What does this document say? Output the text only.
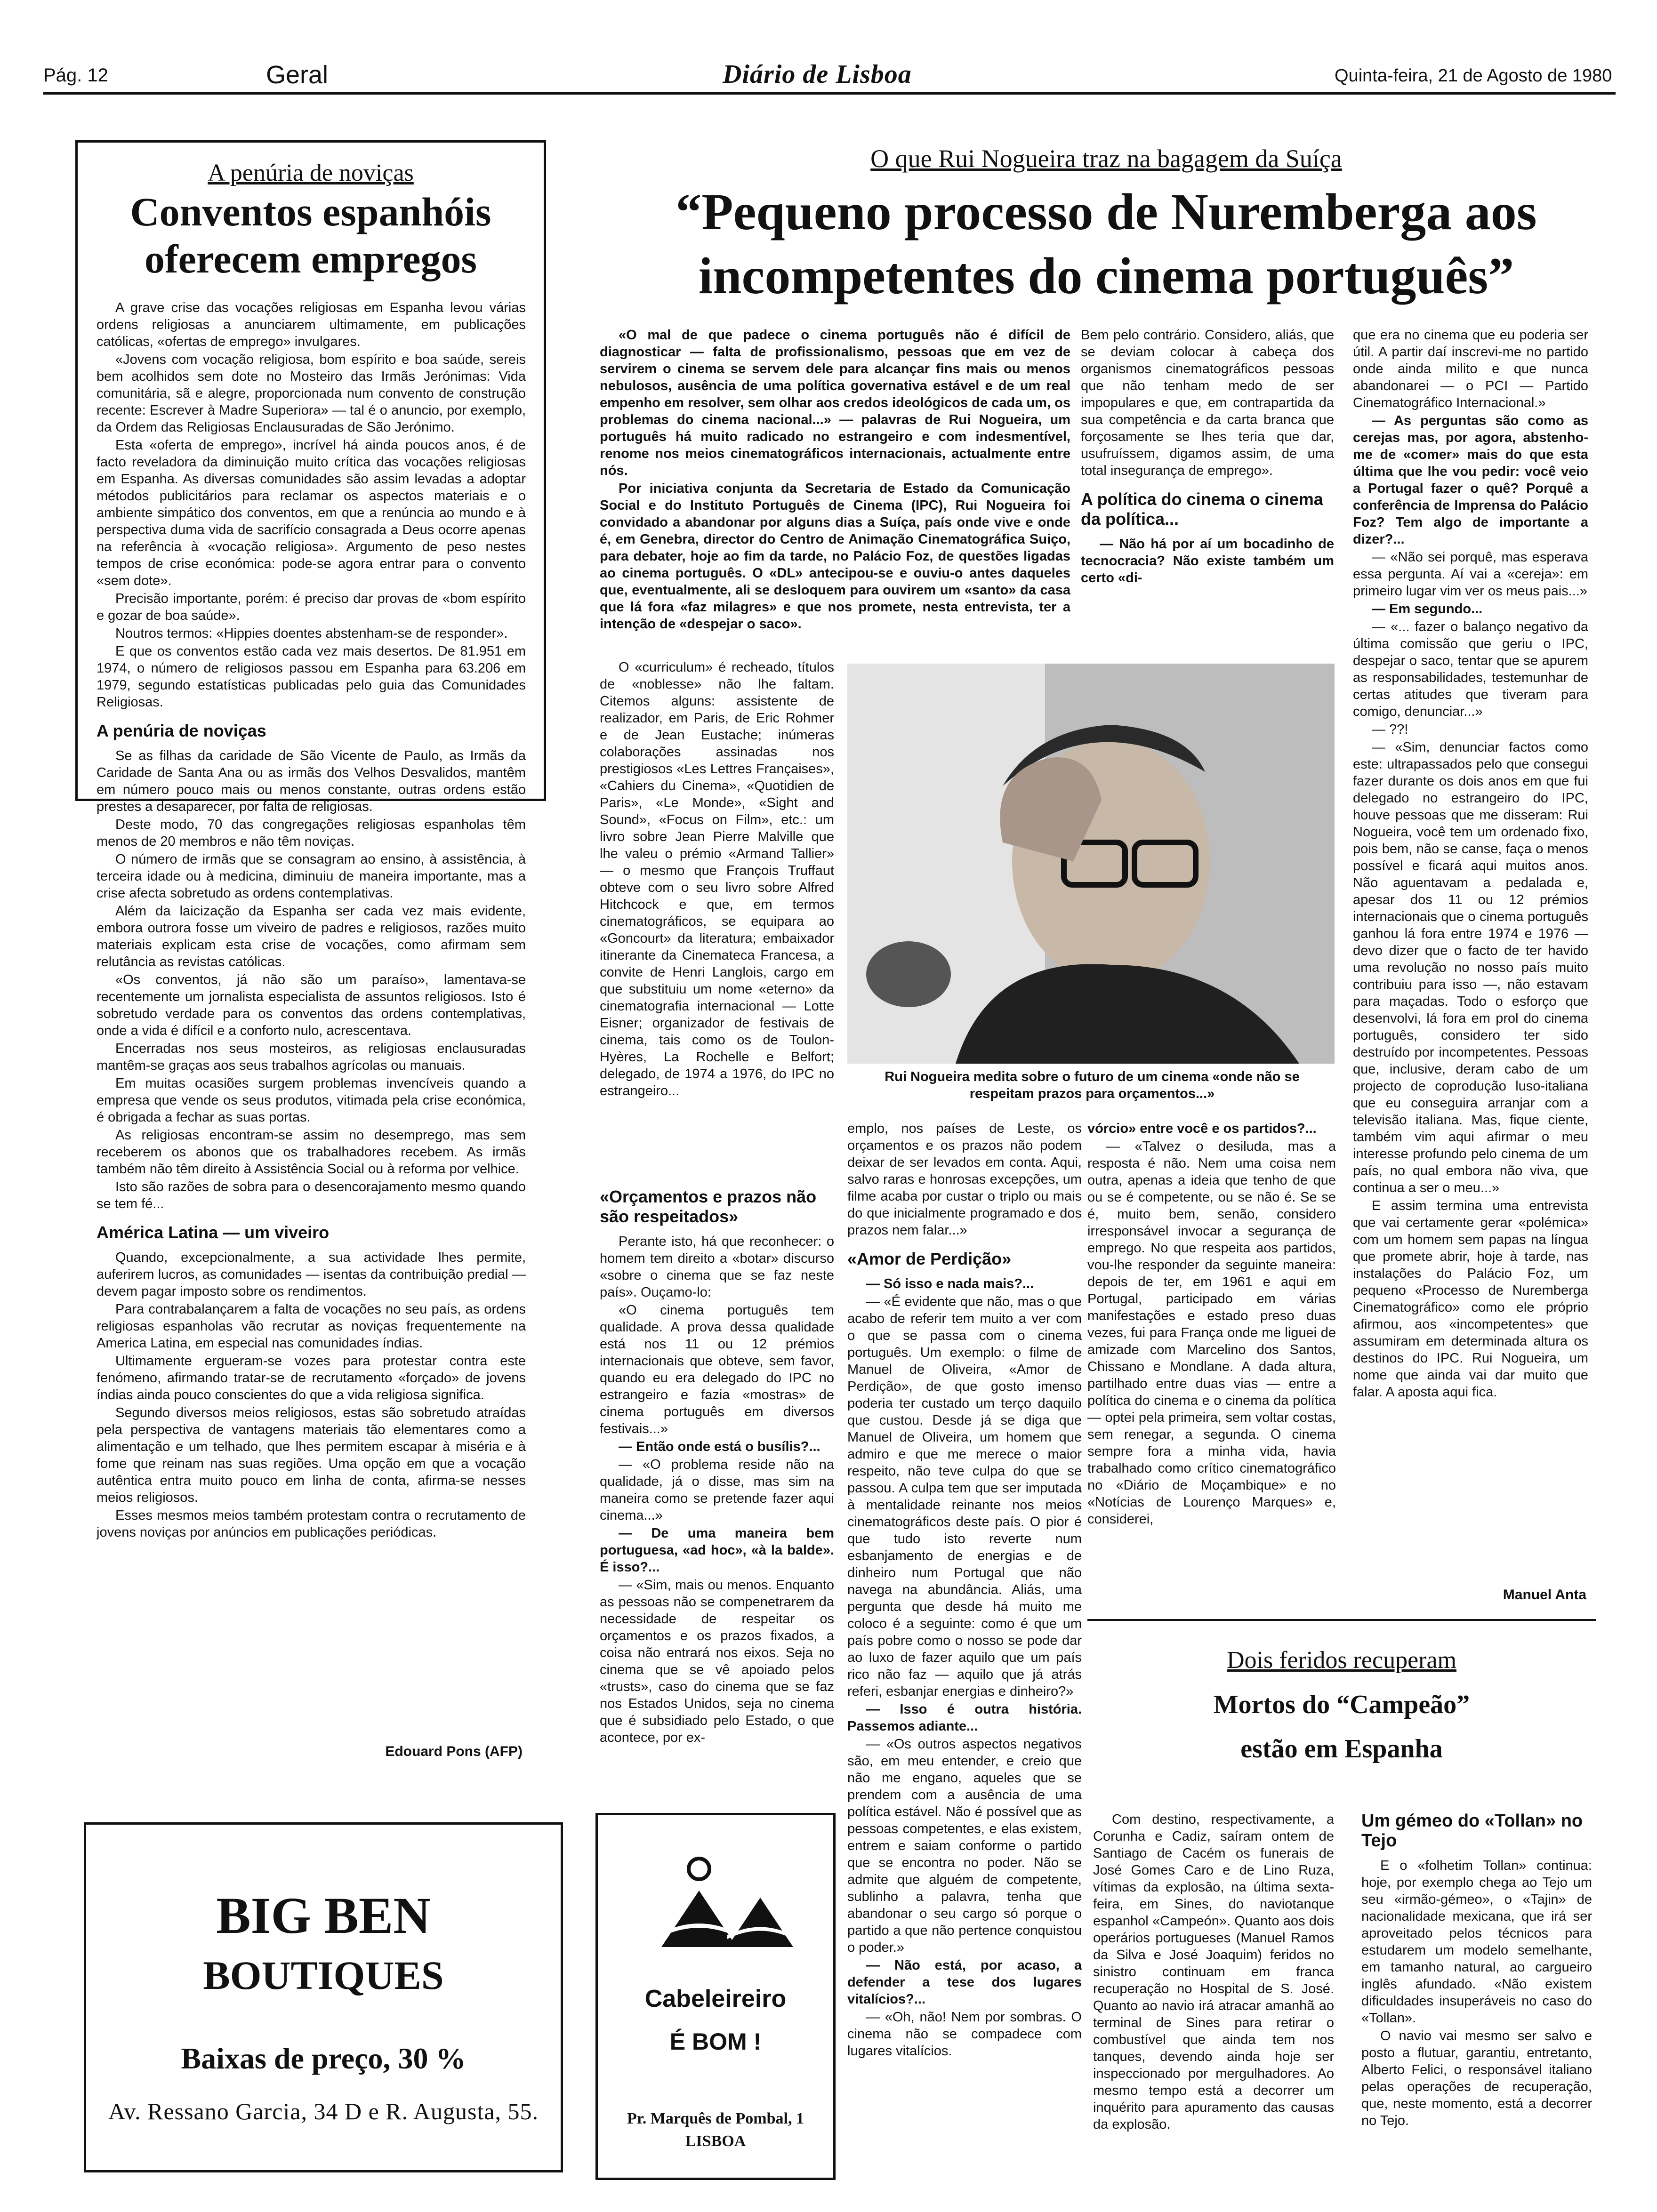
Pág. 12	Geral	Diário de Lisboa	Quinta-feira, 21 de Agosto de 1980
A penúria de noviças
Conventos espanhóis oferecem empregos

A grave crise das vocações religiosas em Espanha levou várias ordens religiosas a anunciarem ultimamente, em publicações católicas, «ofertas de emprego» invulgares.

«Jovens com vocação religiosa, bom espírito e boa saúde, sereis bem acolhidos sem dote no Mosteiro das Irmãs Jerónimas: Vida comunitária, sã e alegre, proporcionada num convento de construção recente: Escrever à Madre Superiora» — tal é o anuncio, por exemplo, da Ordem das Religiosas Enclausuradas de São Jerónimo.

Esta «oferta de emprego», incrível há ainda poucos anos, é de facto reveladora da diminuição muito crítica das vocações religiosas em Espanha. As diversas comunidades são assim levadas a adoptar métodos publicitários para reclamar os aspectos materiais e o ambiente simpático dos conventos, em que a renúncia ao mundo e à perspectiva duma vida de sacrifício consagrada a Deus ocorre apenas na referência à «vocação religiosa». Argumento de peso nestes tempos de crise económica: pode-se agora entrar para o convento «sem dote».

Precisão importante, porém: é preciso dar provas de «bom espírito e gozar de boa saúde».

Noutros termos: «Hippies doentes abstenham-se de responder».

E que os conventos estão cada vez mais desertos. De 81.951 em 1974, o número de religiosos passou em Espanha para 63.206 em 1979, segundo estatísticas publicadas pelo guia das Comunidades Religiosas.

A penúria de noviças

Se as filhas da caridade de São Vicente de Paulo, as Irmãs da Caridade de Santa Ana ou as irmãs dos Velhos Desvalidos, mantêm em número pouco mais ou menos constante, outras ordens estão prestes a desaparecer, por falta de religiosas.

Deste modo, 70 das congregações religiosas espanholas têm menos de 20 membros e não têm noviças.

O número de irmãs que se consagram ao ensino, à assistência, à terceira idade ou à medicina, diminuiu de maneira importante, mas a crise afecta sobretudo as ordens contemplativas.

Além da laicização da Espanha ser cada vez mais evidente, embora outrora fosse um viveiro de padres e religiosos, razões muito materiais explicam esta crise de vocações, como afirmam sem relutância as revistas católicas.

«Os conventos, já não são um paraíso», lamentava-se recentemente um jornalista especialista de assuntos religiosos. Isto é sobretudo verdade para os conventos das ordens contemplativas, onde a vida é difícil e a conforto nulo, acrescentava.

Encerradas nos seus mosteiros, as religiosas enclausuradas mantêm-se graças aos seus trabalhos agrícolas ou manuais.

Em muitas ocasiões surgem problemas invencíveis quando a empresa que vende os seus produtos, vitimada pela crise económica, é obrigada a fechar as suas portas.

As religiosas encontram-se assim no desemprego, mas sem receberem os abonos que os trabalhadores recebem. As irmãs também não têm direito à Assistência Social ou à reforma por velhice.

Isto são razões de sobra para o desencorajamento mesmo quando se tem fé...

América Latina — um viveiro

Quando, excepcionalmente, a sua actividade lhes permite, auferirem lucros, as comunidades — isentas da contribuição predial — devem pagar imposto sobre os rendimentos.

Para contrabalançarem a falta de vocações no seu país, as ordens religiosas espanholas vão recrutar as noviças frequentemente na America Latina, em especial nas comunidades índias.

Ultimamente ergueram-se vozes para protestar contra este fenómeno, afirmando tratar-se de recrutamento «forçado» de jovens índias ainda pouco conscientes do que a vida religiosa significa.

Segundo diversos meios religiosos, estas são sobretudo atraídas pela perspectiva de vantagens materiais tão elementares como a alimentação e um telhado, que lhes permitem escapar à miséria e à fome que reinam nas suas regiões. Uma opção em que a vocação autêntica entra muito pouco em linha de conta, afirma-se nesses meios religiosos.

Esses mesmos meios também protestam contra o recrutamento de jovens noviças por anúncios em publicações periódicas.

Edouard Pons (AFP)
O que Rui Nogueira traz na bagagem da Suíça
“Pequeno processo de Nuremberga aos incompetentes do cinema português”

«O mal de que padece o cinema português não é difícil de diagnosticar — falta de profissionalismo, pessoas que em vez de servirem o cinema se servem dele para alcançar fins mais ou menos nebulosos, ausência de uma política governativa estável e de um real empenho em resolver, sem olhar aos credos ideológicos de cada um, os problemas do cinema nacional...» — palavras de Rui Nogueira, um português há muito radicado no estrangeiro e com indesmentível, renome nos meios cinematográficos internacionais, actualmente entre nós.

Por iniciativa conjunta da Secretaria de Estado da Comunicação Social e do Instituto Português de Cinema (IPC), Rui Nogueira foi convidado a abandonar por alguns dias a Suíça, país onde vive e onde é, em Genebra, director do Centro de Animação Cinematográfica Suiço, para debater, hoje ao fim da tarde, no Palácio Foz, de questões ligadas ao cinema português. O «DL» antecipou-se e ouviu-o antes daqueles que, eventualmente, ali se desloquem para ouvirem um «santo» da casa que lá fora «faz milagres» e que nos promete, nesta entrevista, ter a intenção de «despejar o saco».

Bem pelo contrário. Considero, aliás, que se deviam colocar à cabeça dos organismos cinematográficos pessoas que não tenham medo de ser impopulares e que, em contrapartida da sua competência e da carta branca que forçosamente se lhes teria que dar, usufruíssem, digamos assim, de uma total insegurança de emprego».

A política do cinema o cinema da política...

— Não há por aí um bocadinho de tecnocracia? Não existe também um certo «di-

que era no cinema que eu poderia ser útil. A partir daí inscrevi-me no partido onde ainda milito e que nunca abandonarei — o PCI — Partido Cinematográfico Internacional.»

— As perguntas são como as cerejas mas, por agora, abstenho-me de «comer» mais do que esta última que lhe vou pedir: você veio a Portugal fazer o quê? Porquê a conferência de Imprensa do Palácio Foz? Tem algo de importante a dizer?...

— «Não sei porquê, mas esperava essa pergunta. Aí vai a «cereja»: em primeiro lugar vim ver os meus pais...»

— Em segundo...

— «... fazer o balanço negativo da última comissão que geriu o IPC, despejar o saco, tentar que se apurem as responsabilidades, testemunhar de certas atitudes que tiveram para comigo, denunciar...»

— ??!

— «Sim, denunciar factos como este: ultrapassados pelo que consegui fazer durante os dois anos em que fui delegado no estrangeiro do IPC, houve pessoas que me disseram: Rui Nogueira, você tem um ordenado fixo, pois bem, não se canse, faça o menos possível e ficará aqui muitos anos. Não aguentavam a pedalada e, apesar dos 11 ou 12 prémios internacionais que o cinema português ganhou lá fora entre 1974 e 1976 — devo dizer que o facto de ter havido uma revolução no nosso país muito contribuiu para isso —, não estavam para maçadas. Todo o esforço que desenvolvi, lá fora em prol do cinema português, considero ter sido destruído por incompetentes. Pessoas que, inclusive, deram cabo de um projecto de coprodução luso-italiana que eu conseguira arranjar com a televisão italiana. Mas, fique ciente, também vim aqui afirmar o meu interesse profundo pelo cinema de um país, no qual embora não viva, que continua a ser o meu...»

E assim termina uma entrevista que vai certamente gerar «polémica» com um homem sem papas na língua que promete abrir, hoje à tarde, nas instalações do Palácio Foz, um pequeno «Processo de Nuremberga Cinematográfico» como ele próprio afirmou, aos «incompetentes» que assumiram em determinada altura os destinos do IPC. Rui Nogueira, um nome que ainda vai dar muito que falar. A aposta aqui fica.

Manuel Anta

O «curriculum» é recheado, títulos de «noblesse» não lhe faltam. Citemos alguns: assistente de realizador, em Paris, de Eric Rohmer e de Jean Eustache; inúmeras colaborações assinadas nos prestigiosos «Les Lettres Françaises», «Cahiers du Cinema», «Quotidien de Paris», «Le Monde», «Sight and Sound», «Focus on Film», etc.: um livro sobre Jean Pierre Malville que lhe valeu o prémio «Armand Tallier» — o mesmo que François Truffaut obteve com o seu livro sobre Alfred Hitchcock e que, em termos cinematográficos, se equipara ao «Goncourt» da literatura; embaixador itinerante da Cinemateca Francesa, a convite de Henri Langlois, cargo em que substituiu um nome «eterno» da cinematografia internacional — Lotte Eisner; organizador de festivais de cinema, tais como os de Toulon-Hyères, La Rochelle e Belfort; delegado, de 1974 a 1976, do IPC no estrangeiro...

Rui Nogueira medita sobre o futuro de um cinema «onde não se respeitam prazos para orçamentos...»
«Orçamentos e prazos não são respeitados»

Perante isto, há que reconhecer: o homem tem direito a «botar» discurso «sobre o cinema que se faz neste país». Ouçamo-lo:

«O cinema português tem qualidade. A prova dessa qualidade está nos 11 ou 12 prémios internacionais que obteve, sem favor, quando eu era delegado do IPC no estrangeiro e fazia «mostras» de cinema português em diversos festivais...»

— Então onde está o busílis?...

— «O problema reside não na qualidade, já o disse, mas sim na maneira como se pretende fazer aqui cinema...»

— De uma maneira bem portuguesa, «ad hoc», «à la balde». É isso?...

— «Sim, mais ou menos. Enquanto as pessoas não se compenetrarem da necessidade de respeitar os orçamentos e os prazos fixados, a coisa não entrará nos eixos. Seja no cinema que se vê apoiado pelos «trusts», caso do cinema que se faz nos Estados Unidos, seja no cinema que é subsidiado pelo Estado, o que acontece, por ex-

emplo, nos países de Leste, os orçamentos e os prazos não podem deixar de ser levados em conta. Aqui, salvo raras e honrosas excepções, um filme acaba por custar o triplo ou mais do que inicialmente programado e dos prazos nem falar...»

«Amor de Perdição»

— Só isso e nada mais?...

— «É evidente que não, mas o que acabo de referir tem muito a ver com o que se passa com o cinema português. Um exemplo: o filme de Manuel de Oliveira, «Amor de Perdição», de que gosto imenso poderia ter custado um terço daquilo que custou. Desde já se diga que Manuel de Oliveira, um homem que admiro e que me merece o maior respeito, não teve culpa do que se passou. A culpa tem que ser imputada à mentalidade reinante nos meios cinematográficos deste país. O pior é que tudo isto reverte num esbanjamento de energias e de dinheiro num Portugal que não navega na abundância. Aliás, uma pergunta que desde há muito me coloco é a seguinte: como é que um país pobre como o nosso se pode dar ao luxo de fazer aquilo que um país rico não faz — aquilo que já atrás referi, esbanjar energias e dinheiro?»

— Isso é outra história. Passemos adiante...

— «Os outros aspectos negativos são, em meu entender, e creio que não me engano, aqueles que se prendem com a ausência de uma política estável. Não é possível que as pessoas competentes, e elas existem, entrem e saiam conforme o partido que se encontra no poder. Não se admite que alguém de competente, sublinho a palavra, tenha que abandonar o seu cargo só porque o partido a que não pertence conquistou o poder.»

— Não está, por acaso, a defender a tese dos lugares vitalícios?...

— «Oh, não! Nem por sombras. O cinema não se compadece com lugares vitalícios.

vórcio» entre você e os partidos?...

— «Talvez o desiluda, mas a resposta é não. Nem uma coisa nem outra, apenas a ideia que tenho de que ou se é competente, ou se não é. Se se é, muito bem, senão, considero irresponsável invocar a segurança de emprego. No que respeita aos partidos, vou-lhe responder da seguinte maneira: depois de ter, em 1961 e aqui em Portugal, participado em várias manifestações e estado preso duas vezes, fui para França onde me liguei de amizade com Marcelino dos Santos, Chissano e Mondlane. A dada altura, partilhado entre duas vias — entre a política do cinema e o cinema da política — optei pela primeira, sem voltar costas, sem renegar, a segunda. O cinema sempre fora a minha vida, havia trabalhado como crítico cinematográfico no «Diário de Moçambique» e no «Notícias de Lourenço Marques» e, considerei,

Dois feridos recuperam
Mortos do “Campeão”
estão em Espanha

Com destino, respectivamente, a Corunha e Cadiz, saíram ontem de Santiago de Cacém os funerais de José Gomes Caro e de Lino Ruza, vítimas da explosão, na última sexta-feira, em Sines, do naviotanque espanhol «Campeón». Quanto aos dois operários portugueses (Manuel Ramos da Silva e José Joaquim) feridos no sinistro continuam em franca recuperação no Hospital de S. José. Quanto ao navio irá atracar amanhã ao terminal de Sines para retirar o combustível que ainda tem nos tanques, devendo ainda hoje ser inspeccionado por mergulhadores. Ao mesmo tempo está a decorrer um inquérito para apuramento das causas da explosão.

Um gémeo do «Tollan» no Tejo

E o «folhetim Tollan» continua: hoje, por exemplo chega ao Tejo um seu «irmão-gémeo», o «Tajin» de nacionalidade mexicana, que irá ser aproveitado pelos técnicos para estudarem um modelo semelhante, em tamanho natural, ao cargueiro inglês afundado. «Não existem dificuldades insuperáveis no caso do «Tollan».

O navio vai mesmo ser salvo e posto a flutuar, garantiu, entretanto, Alberto Felici, o responsável italiano pelas operações de recuperação, que, neste momento, está a decorrer no Tejo.

BIG BEN
BOUTIQUES
Baixas de preço, 30 %
Av. Ressano Garcia, 34 D e R. Augusta, 55.
Cabeleireiro
É BOM !
Pr. Marquês de Pombal, 1
LISBOA
